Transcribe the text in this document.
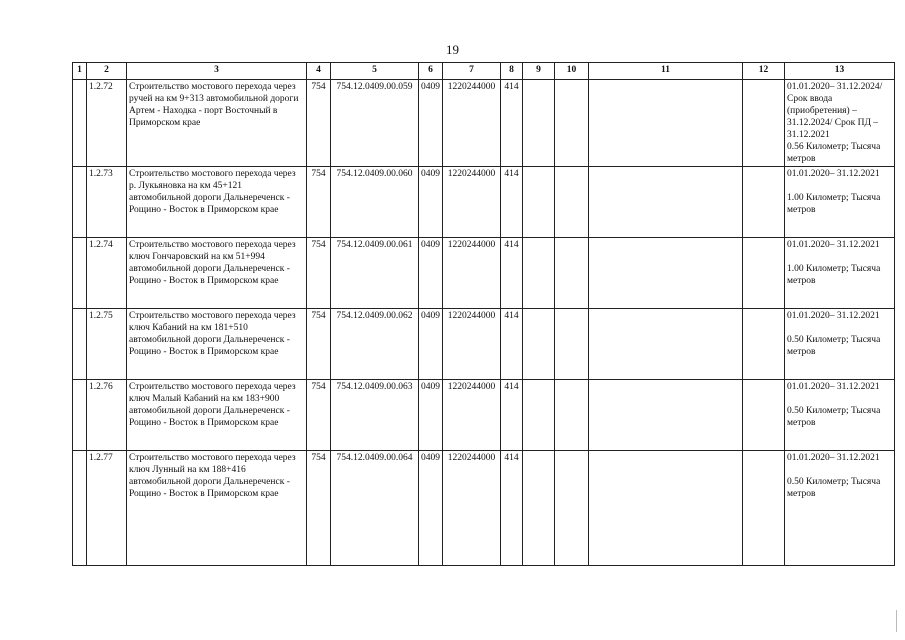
19
1	2	3	4	5	6	7	8	9	10	11	12	13
	1.2.72	Строительство мостового перехода через ручей на км 9+313 автомобильной дороги Артем - Находка - порт Восточный в Приморском крае	754	754.12.0409.00.059	0409	1220244000	414					01.01.2020– 31.12.2024/ Срок ввода (приобретения) – 31.12.2024/ Срок ПД – 31.12.2021
0.56 Километр; Тысяча метров
	1.2.73	Строительство мостового перехода через р. Лукьяновка на км 45+121 автомобильной дороги Дальнереченск - Рощино - Восток в Приморском крае	754	754.12.0409.00.060	0409	1220244000	414					01.01.2020– 31.12.2021
1.00 Километр; Тысяча метров
	1.2.74	Строительство мостового перехода через ключ Гончаровский на км 51+994 автомобильной дороги Дальнереченск - Рощино - Восток в Приморском крае	754	754.12.0409.00.061	0409	1220244000	414					01.01.2020– 31.12.2021
1.00 Километр; Тысяча метров
	1.2.75	Строительство мостового перехода через ключ Кабаний на км 181+510 автомобильной дороги Дальнереченск - Рощино - Восток в Приморском крае	754	754.12.0409.00.062	0409	1220244000	414					01.01.2020– 31.12.2021
0.50 Километр; Тысяча метров
	1.2.76	Строительство мостового перехода через ключ Малый Кабаний на км 183+900 автомобильной дороги Дальнереченск - Рощино - Восток в Приморском крае	754	754.12.0409.00.063	0409	1220244000	414					01.01.2020– 31.12.2021
0.50 Километр; Тысяча метров
	1.2.77	Строительство мостового перехода через ключ Лунный на км 188+416 автомобильной дороги Дальнереченск - Рощино - Восток в Приморском крае	754	754.12.0409.00.064	0409	1220244000	414					01.01.2020– 31.12.2021
0.50 Километр; Тысяча метров
